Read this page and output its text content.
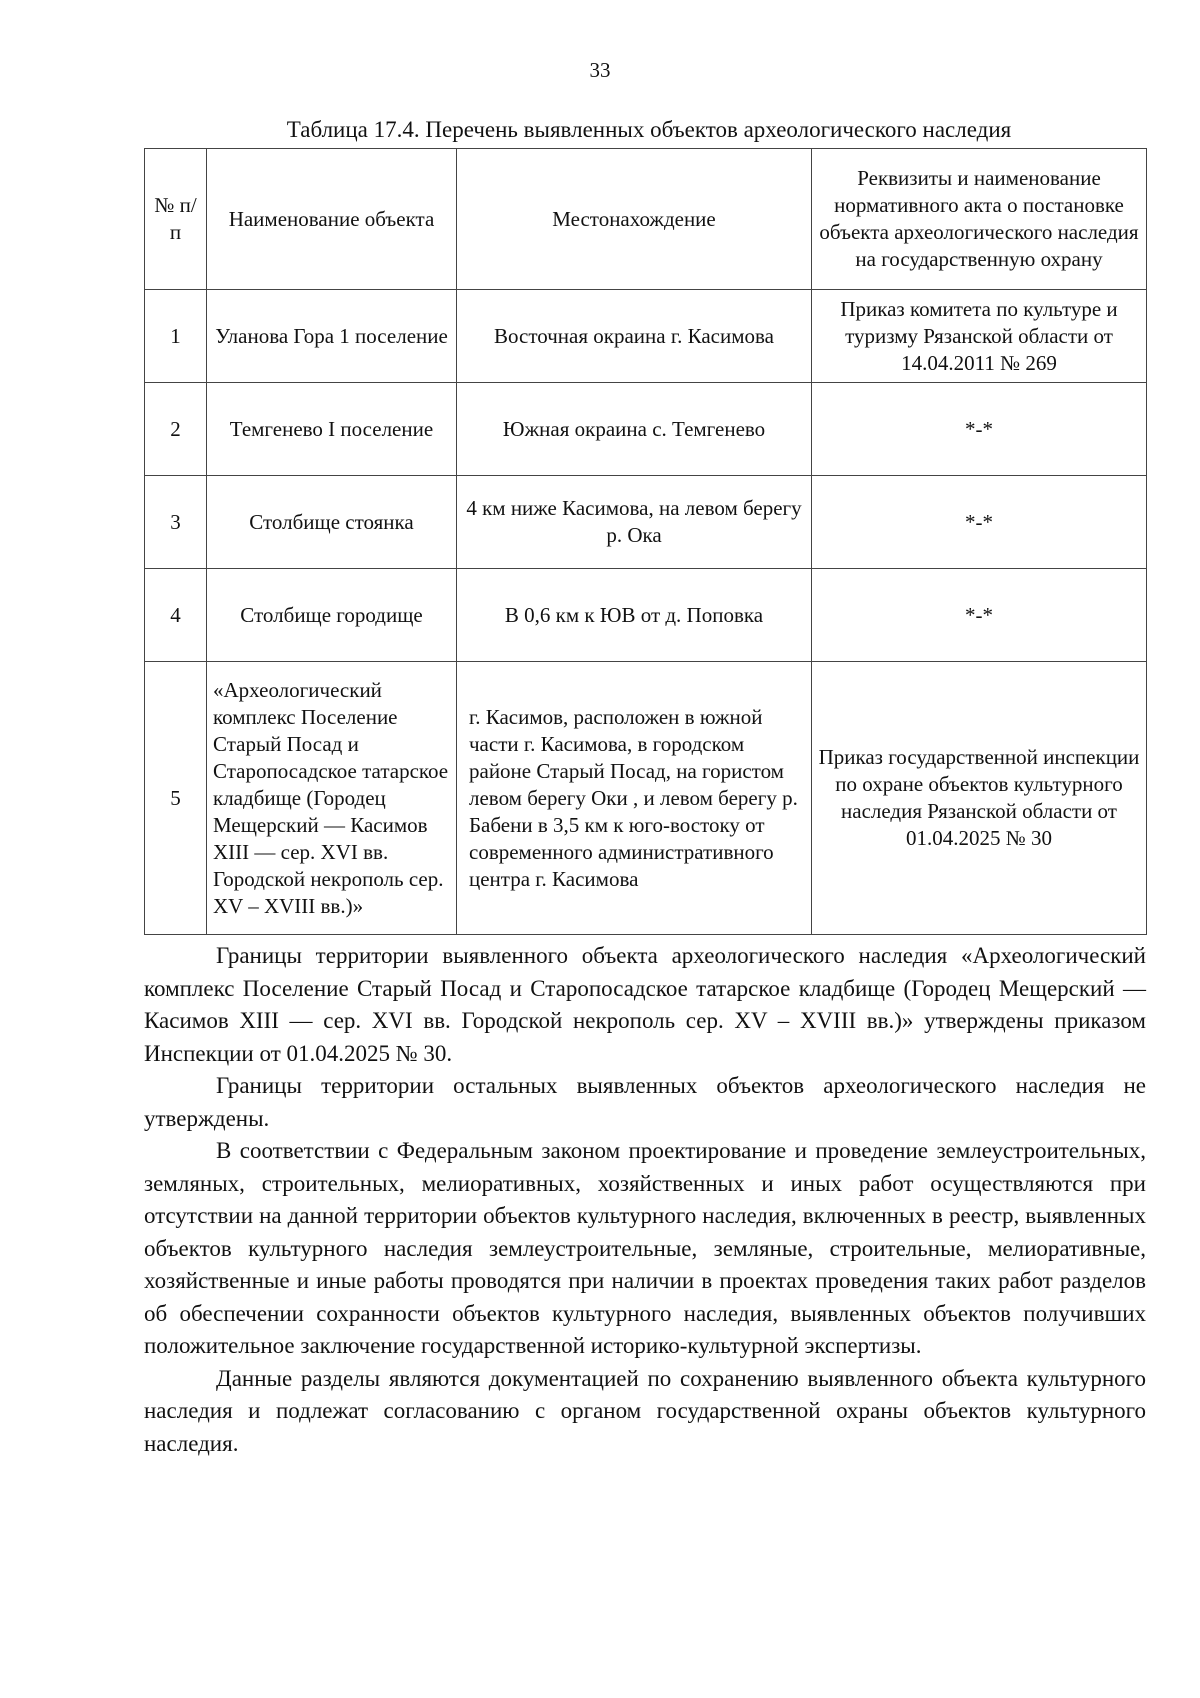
33
Таблица 17.4. Перечень выявленных объектов археологического наследия
№ п/п	Наименование объекта	Местонахождение	Реквизиты и наименование нормативного акта о постановке объекта археологического наследия на государственную охрану
1	Уланова Гора 1 поселение	Восточная окраина г. Касимова	Приказ комитета по культуре и туризму Рязанской области от 14.04.2011 № 269
2	Темгенево I поселение	Южная окраина с. Темгенево	*-*
3	Столбище стоянка	4 км ниже Касимова, на левом берегу р. Ока	*-*
4	Столбище городище	В 0,6 км к ЮВ от д. Поповка	*-*
5	«Археологический комплекс Поселение Старый Посад и Старопосадское татарское кладбище (Городец Мещерский — Касимов XIII — сер. XVI вв. Городской некрополь сер. XV – XVIII вв.)»	г. Касимов, расположен в южной части г. Касимова, в городском районе Старый Посад, на гористом левом берегу Оки , и левом берегу р. Бабени в 3,5 км к юго-востоку от современного административного центра г. Касимова	Приказ государственной инспекции по охране объектов культурного наследия Рязанской области от 01.04.2025 № 30

Границы территории выявленного объекта археологического наследия «Археологический комплекс Поселение Старый Посад и Старопосадское татарское кладбище (Городец Мещерский — Касимов XIII — сер. XVI вв. Городской некрополь сер. XV – XVIII вв.)» утверждены приказом Инспекции от 01.04.2025 № 30.

Границы территории остальных выявленных объектов археологического наследия не утверждены.

В соответствии с Федеральным законом проектирование и проведение землеустроительных, земляных, строительных, мелиоративных, хозяйственных и иных работ осуществляются при отсутствии на данной территории объектов культурного наследия, включенных в реестр, выявленных объектов культурного наследия землеустроительные, земляные, строительные, мелиоративные, хозяйственные и иные работы проводятся при наличии в проектах проведения таких работ разделов об обеспечении сохранности объектов культурного наследия, выявленных объектов получивших положительное заключение государственной историко-культурной экспертизы.

Данные разделы являются документацией по сохранению выявленного объекта культурного наследия и подлежат согласованию с органом государственной охраны объектов культурного наследия.
